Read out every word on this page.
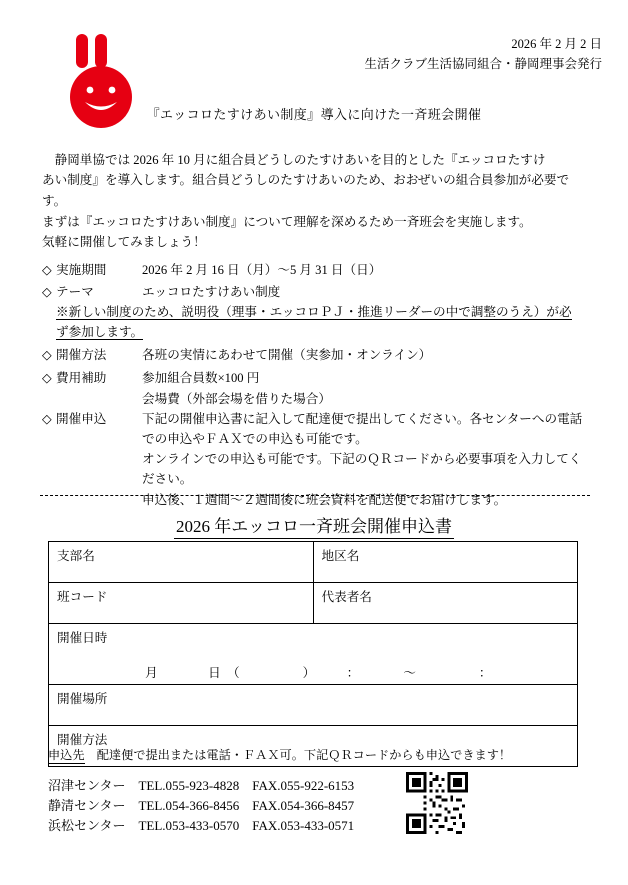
2026 年 2 月 2 日
生活クラブ生活協同組合・静岡理事会発行
『エッコロたすけあい制度』導入に向けた一斉班会開催
静岡単協では 2026 年 10 月に組合員どうしのたすけあいを目的とした『エッコロたすけ
あい制度』を導入します。組合員どうしのたすけあいのため、おおぜいの組合員参加が必要で
す。
まずは『エッコロたすけあい制度』について理解を深めるため一斉班会を実施します。
気軽に開催してみましょう！
◇ 実施期間	2026 年 2 月 16 日（月）～5 月 31 日（日）
◇ テーマ	エッコロたすけあい制度
※新しい制度のため、説明役（理事・エッコロＰＪ・推進リーダーの中で調整のうえ）が必
ず参加します。
◇ 開催方法	各班の実情にあわせて開催（実参加・オンライン）
◇ 費用補助	参加組合員数×100 円
会場費（外部会場を借りた場合）
◇ 開催申込	下記の開催申込書に記入して配達便で提出してください。各センターへの電話
での申込やＦＡＸでの申込も可能です。
オンラインでの申込も可能です。下記のＱＲコードから必要事項を入力してく
ださい。
申込後、１週間～２週間後に班会資料を配送便でお届けします。
2026 年エッコロ一斉班会開催申込書
支部名	地区名
班コード	代表者名

開催日時
　　　　　　　月　　　　日　（　　　　　）　　　：　　　　～　　　　　：	

開催場所	
開催方法	
申込先 配達便で提出または電話・ＦＡＸ可。下記ＱＲコードからも申込できます！
沼津センター　TEL.055-923-4828　FAX.055-922-6153
静清センター　TEL.054-366-8456　FAX.054-366-8457
浜松センター　TEL.053-433-0570　FAX.053-433-0571
